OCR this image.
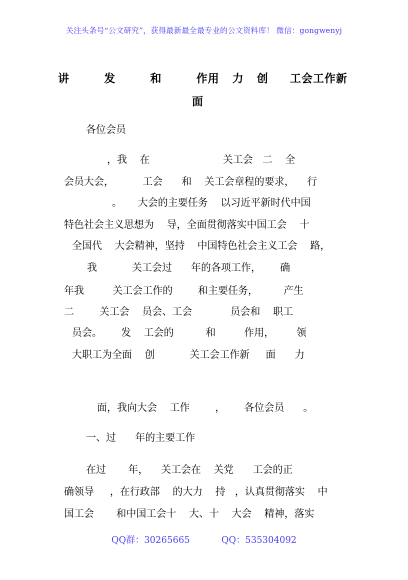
关注头条号“公文研究”，获得最新最全最专业的公文资料库！ 微信：gongwenyj
讲        发        和        作用   力   创     工会工作新
面
各位会员
，我    在                       关工会   二    全
会员大会，         工会      和    关工会章程的要求，    行
。     大会的主要任务    以习近平新时代中国
特色社会主义思想为    导，全面贯彻落实中国工会    十
全国代    大会精神，坚持    中国特色社会主义工会    路，
我           关工会过      年的各项工作，      确
年我         关工会工作的        和主要任务，        产生
二        关工会    员会、工会            员会和    职工
员会。      发    工会的          和         作用，       领
大职工为全面    创           关工会工作新     面      力
面，我向大会    工作        ，      各位会员      。
一、过      年的主要工作
在过       年，    关工会在    关党      工会的正
确领导     ，在行政部    的大力    持   ，认真贯彻落实    中
国工会       和中国工会十    大、十    大会    精神，落实
QQ群：30265665           QQ：535304092
